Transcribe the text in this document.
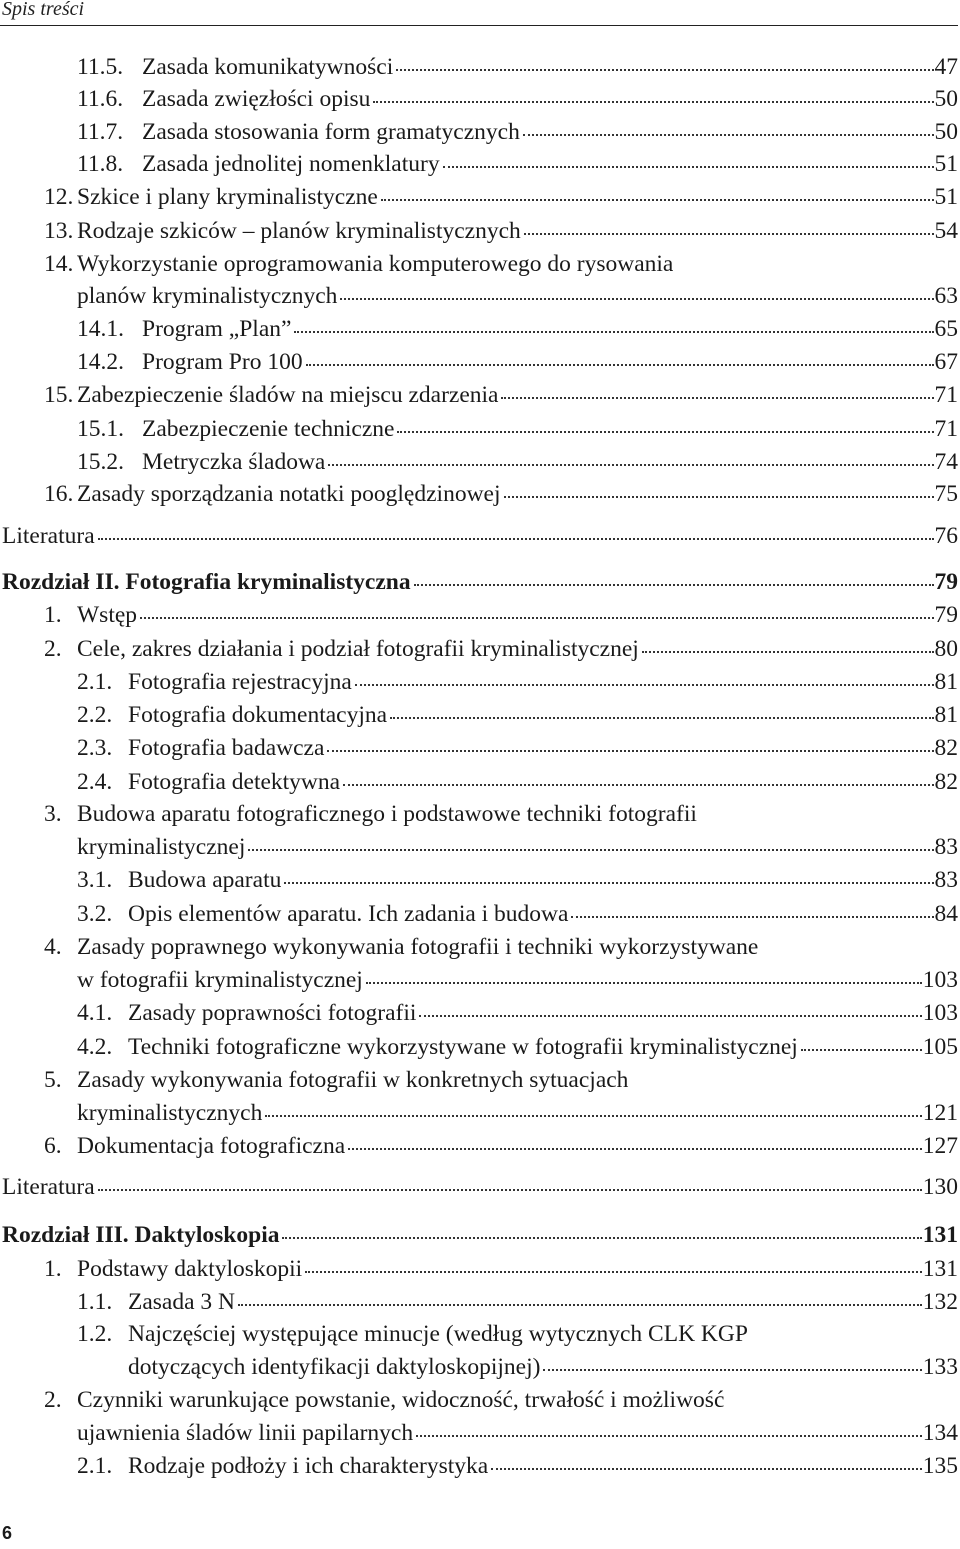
Spis treści
11.5. Zasada komunikatywności	47
11.6. Zasada zwięzłości opisu	50
11.7. Zasada stosowania form gramatycznych	50
11.8. Zasada jednolitej nomenklatury	51
12. Szkice i plany kryminalistyczne	51
13. Rodzaje szkiców – planów kryminalistycznych	54
14. Wykorzystanie oprogramowania komputerowego do rysowania
planów kryminalistycznych	63
14.1. Program „Plan”	65
14.2. Program Pro 100	67
15. Zabezpieczenie śladów na miejscu zdarzenia	71
15.1. Zabezpieczenie techniczne	71
15.2. Metryczka śladowa	74
16. Zasady sporządzania notatki pooględzinowej	75
Literatura	76
Rozdział II. Fotografia kryminalistyczna	79
1. Wstęp	79
2. Cele, zakres działania i podział fotografii kryminalistycznej	80
2.1. Fotografia rejestracyjna	81
2.2. Fotografia dokumentacyjna	81
2.3. Fotografia badawcza	82
2.4. Fotografia detektywna	82
3. Budowa aparatu fotograficznego i podstawowe techniki fotografii
kryminalistycznej	83
3.1. Budowa aparatu	83
3.2. Opis elementów aparatu. Ich zadania i budowa	84
4. Zasady poprawnego wykonywania fotografii i techniki wykorzystywane
w fotografii kryminalistycznej	103
4.1. Zasady poprawności fotografii	103
4.2. Techniki fotograficzne wykorzystywane w fotografii kryminalistycznej	105
5. Zasady wykonywania fotografii w konkretnych sytuacjach
kryminalistycznych	121
6. Dokumentacja fotograficzna	127
Literatura	130
Rozdział III. Daktyloskopia	131
1. Podstawy daktyloskopii	131
1.1. Zasada 3 N	132
1.2. Najczęściej występujące minucje (według wytycznych CLK KGP
dotyczących identyfikacji daktyloskopijnej)	133
2. Czynniki warunkujące powstanie, widoczność, trwałość i możliwość
ujawnienia śladów linii papilarnych	134
2.1. Rodzaje podłoży i ich charakterystyka	135
6
